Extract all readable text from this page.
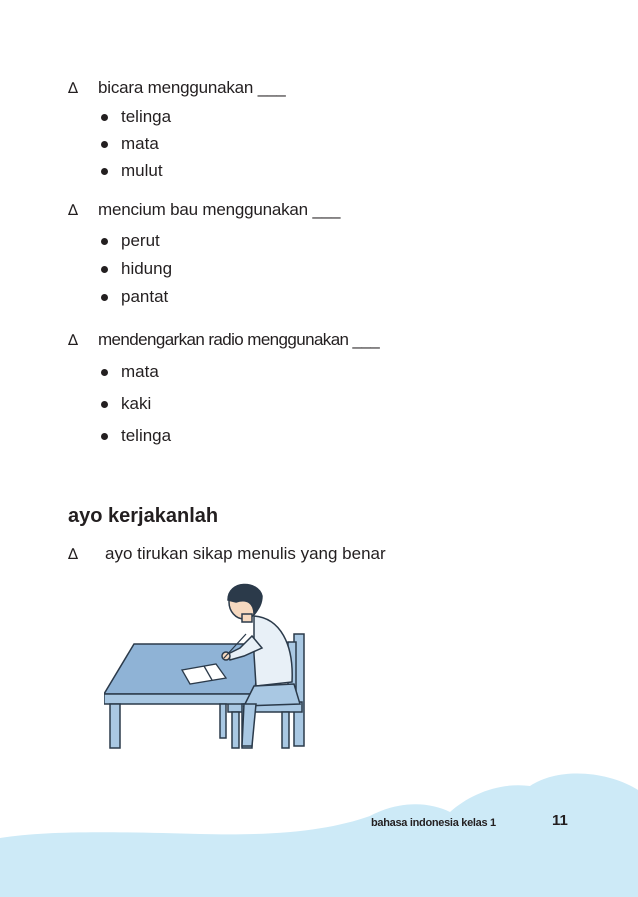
∆ bicara menggunakan ___
telinga
mata
mulut
∆ mencium bau menggunakan ___
perut
hidung
pantat
∆ mendengarkan radio menggunakan ___
mata
kaki
telinga
ayo kerjakanlah
∆ ayo tirukan sikap menulis yang benar
bahasa indonesia kelas 1	11
